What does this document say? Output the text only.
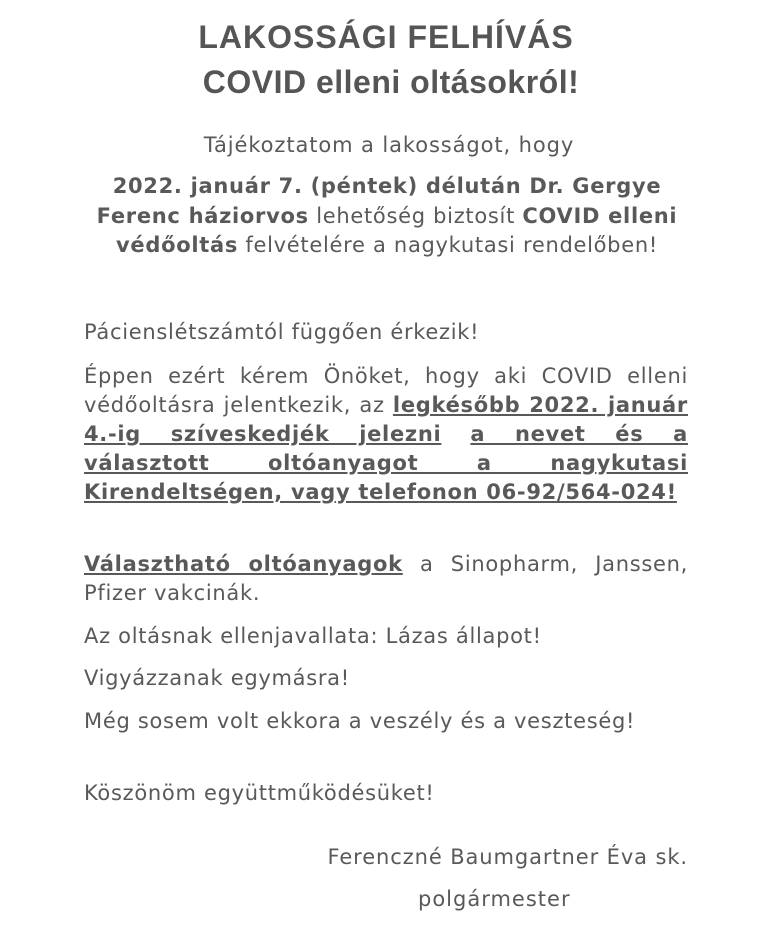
LAKOSSÁGI FELHÍVÁS
COVID elleni oltásokról!
Tájékoztatom a lakosságot, hogy
2022. január 7. (péntek) délután Dr. Gergye Ferenc háziorvos lehetőség biztosít COVID elleni védőoltás felvételére a nagykutasi rendelőben!
Pácienslétszámtól függően érkezik!
Éppen ezért kérem Önöket, hogy aki COVID elleni védőoltásra jelentkezik, az legkésőbb 2022. január 4.-ig szíveskedjék jelezni a nevet és a választott oltóanyagot a nagykutasi Kirendeltségen, vagy telefonon 06-92/564-024!
Választható oltóanyagok a Sinopharm, Janssen, Pfizer vakcinák.
Az oltásnak ellenjavallata: Lázas állapot!
Vigyázzanak egymásra!
Még sosem volt ekkora a veszély és a veszteség!
Köszönöm együttműködésüket!
Ferenczné Baumgartner Éva sk.
polgármester
